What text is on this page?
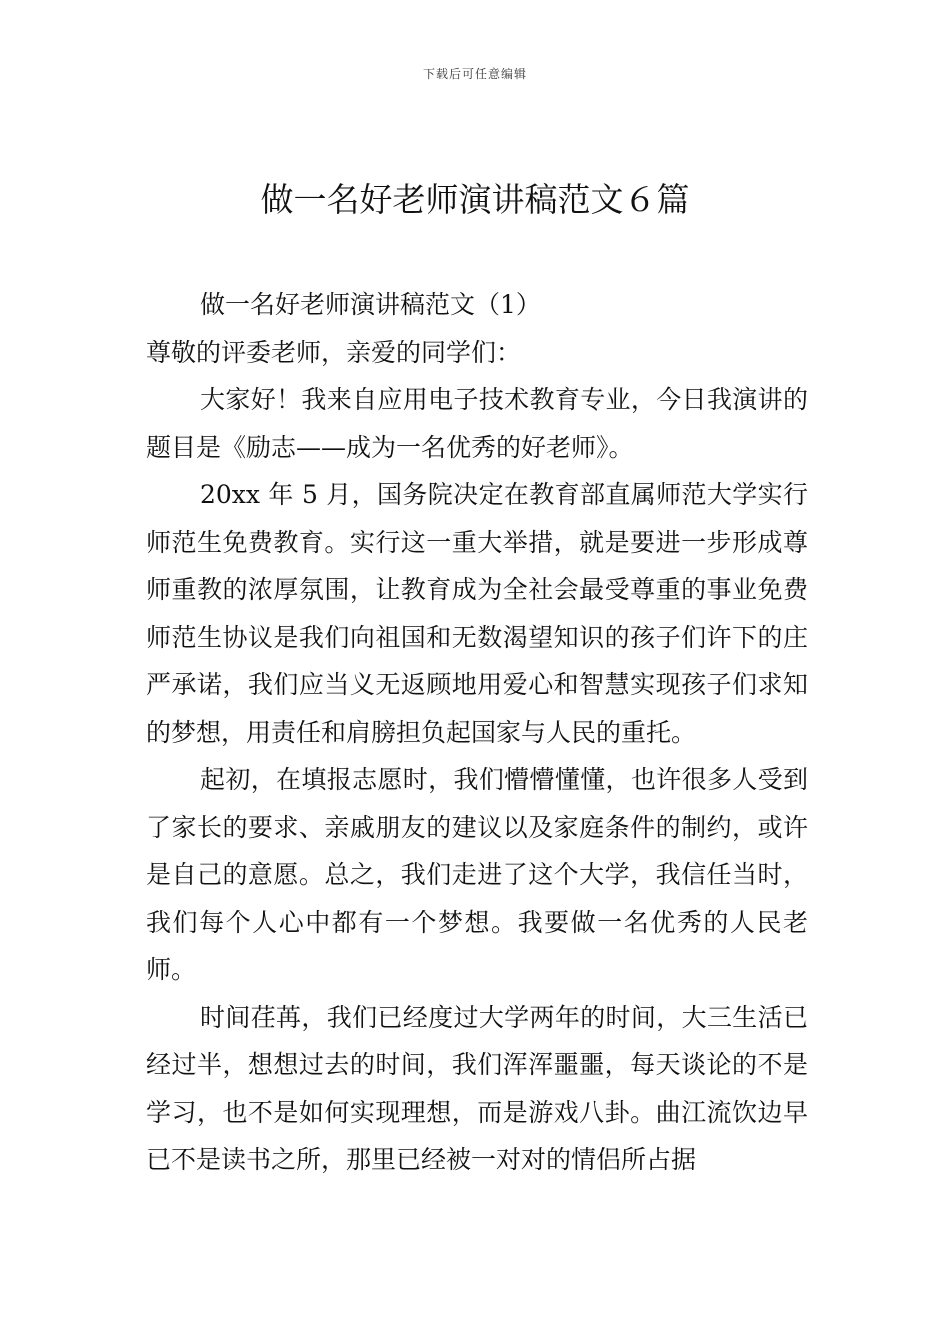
下载后可任意编辑
做一名好老师演讲稿范文６篇

做一名好老师演讲稿范文（1）

尊敬的评委老师，亲爱的同学们：

大家好！我来自应用电子技术教育专业，今日我演讲的题目是《励志——成为一名优秀的好老师》。

20xx 年 5 月，国务院决定在教育部直属师范大学实行师范生免费教育。实行这一重大举措，就是要进一步形成尊师重教的浓厚氛围，让教育成为全社会最受尊重的事业免费师范生协议是我们向祖国和无数渴望知识的孩子们许下的庄严承诺，我们应当义无返顾地用爱心和智慧实现孩子们求知的梦想，用责任和肩膀担负起国家与人民的重托。

起初，在填报志愿时，我们懵懵懂懂，也许很多人受到了家长的要求、亲戚朋友的建议以及家庭条件的制约，或许是自己的意愿。总之，我们走进了这个大学，我信任当时，我们每个人心中都有一个梦想。我要做一名优秀的人民老师。

时间荏苒，我们已经度过大学两年的时间，大三生活已经过半，想想过去的时间，我们浑浑噩噩，每天谈论的不是学习，也不是如何实现理想，而是游戏八卦。曲江流饮边早已不是读书之所，那里已经被一对对的情侣所占据
